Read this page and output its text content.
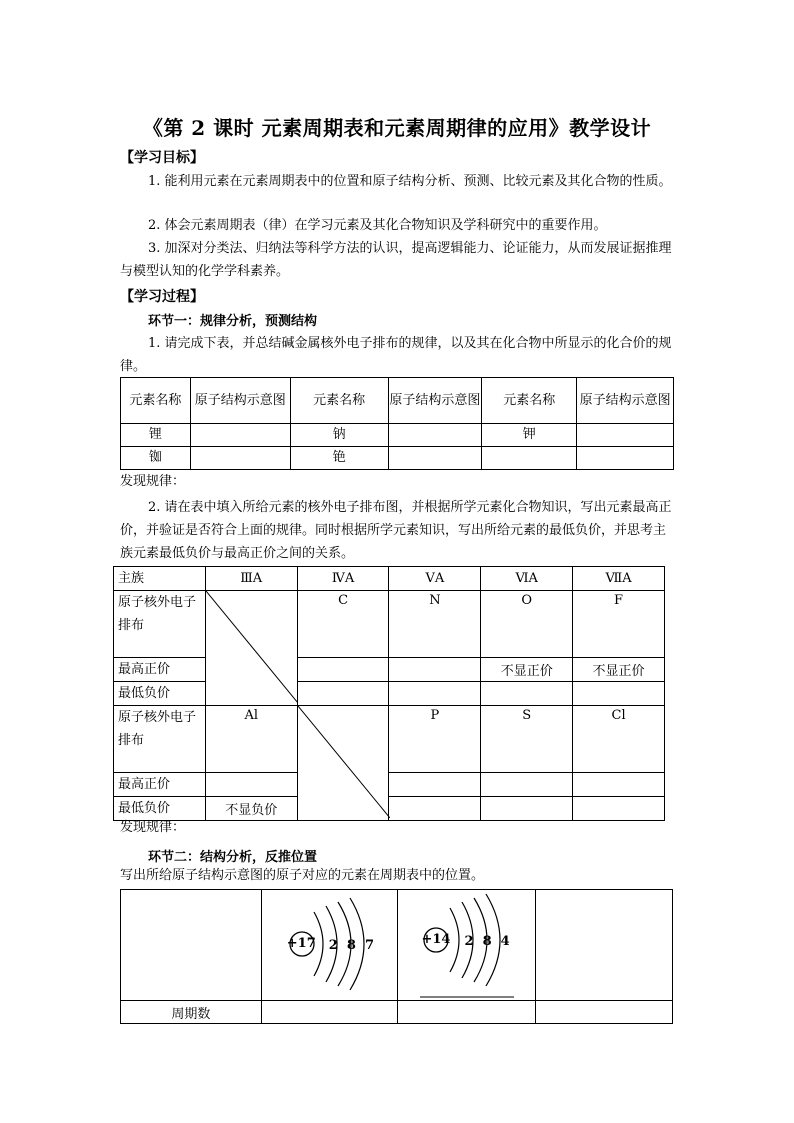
《第 2 课时 元素周期表和元素周期律的应用》教学设计
【学习目标】
1. 能利用元素在元素周期表中的位置和原子结构分析、预测、比较元素及其化合物的性质。
2. 体会元素周期表（律）在学习元素及其化合物知识及学科研究中的重要作用。
3. 加深对分类法、归纳法等科学方法的认识，提高逻辑能力、论证能力，从而发展证据推理与模型认知的化学学科素养。
【学习过程】
环节一：规律分析，预测结构
1. 请完成下表，并总结碱金属核外电子排布的规律，以及其在化合物中所显示的化合价的规律。
元素名称	原子结构示意图	元素名称	原子结构示意图	元素名称	原子结构示意图
锂		钠		钾	
铷		铯			
发现规律：
2. 请在表中填入所给元素的核外电子排布图，并根据所学元素化合物知识，写出元素最高正价，并验证是否符合上面的规律。同时根据所学元素知识，写出所给元素的最低负价，并思考主族元素最低负价与最高正价之间的关系。
主族	ⅢA	ⅣA	ⅤA	ⅥA	ⅦA
原子核外电子排布		C	N	O	F
最高正价				不显正价	不显正价
最低负价					
原子核外电子排布	Al		P	S	Cl
最高正价					
最低负价	不显负价				
发现规律：
环节二：结构分析，反推位置
写出所给原子结构示意图的原子对应的元素在周期表中的位置。

	+17 2  8  7	+14 2  8  4	

周期数			
